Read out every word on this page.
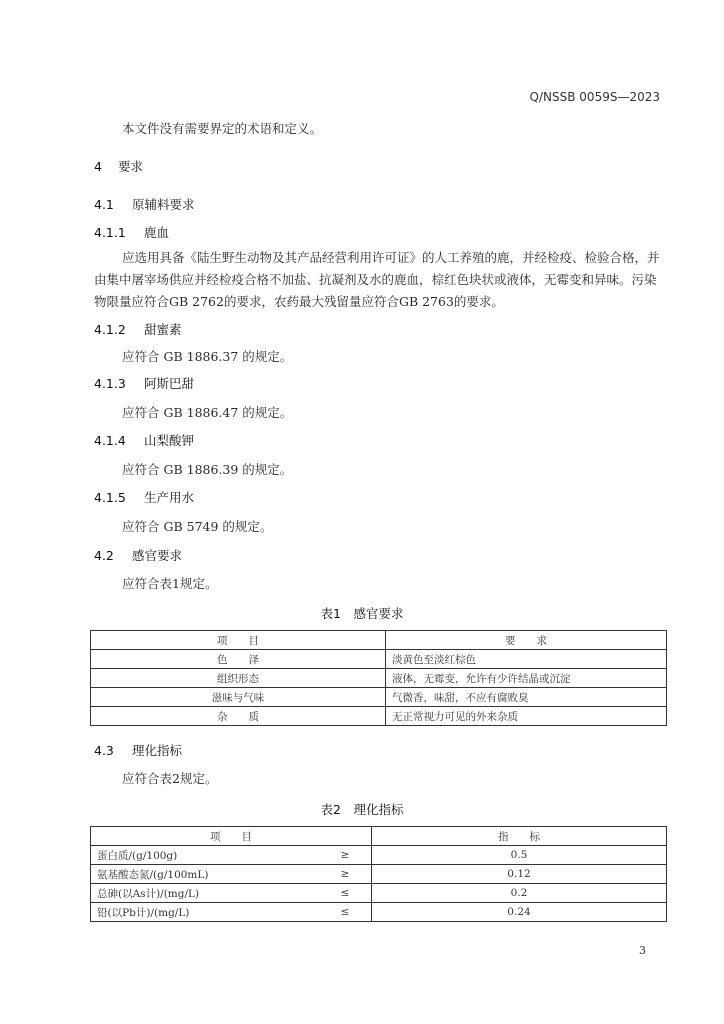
Q/NSSB 0059S—2023
本文件没有需要界定的术语和定义。
4 要求
4.1 原辅料要求
4.1.1 鹿血
应选用具备《陆生野生动物及其产品经营利用许可证》的人工养殖的鹿，并经检疫、检验合格，并
由集中屠宰场供应并经检疫合格不加盐、抗凝剂及水的鹿血，棕红色块状或液体，无霉变和异味。污染
物限量应符合GB 2762的要求，农药最大残留量应符合GB 2763的要求。
4.1.2 甜蜜素
应符合 GB 1886.37 的规定。
4.1.3 阿斯巴甜
应符合 GB 1886.47 的规定。
4.1.4 山梨酸钾
应符合 GB 1886.39 的规定。
4.1.5 生产用水
应符合 GB 5749 的规定。
4.2 感官要求
应符合表1规定。
表1　感官要求
项　　目	要　　求
色　　泽	淡黄色至淡红棕色
组织形态	液体，无霉变，允许有少许结晶或沉淀
滋味与气味	气微香，味甜，不应有腐败臭
杂　　质	无正常视力可见的外来杂质
4.3 理化指标
应符合表2规定。
表2　理化指标
项　　目		指　　标
蛋白质/(g/100g)	≥	0.5
氨基酸态氮/(g/100mL)	≥	0.12
总砷(以As计)/(mg/L)	≤	0.2
铅(以Pb计)/(mg/L)	≤	0.24
3
